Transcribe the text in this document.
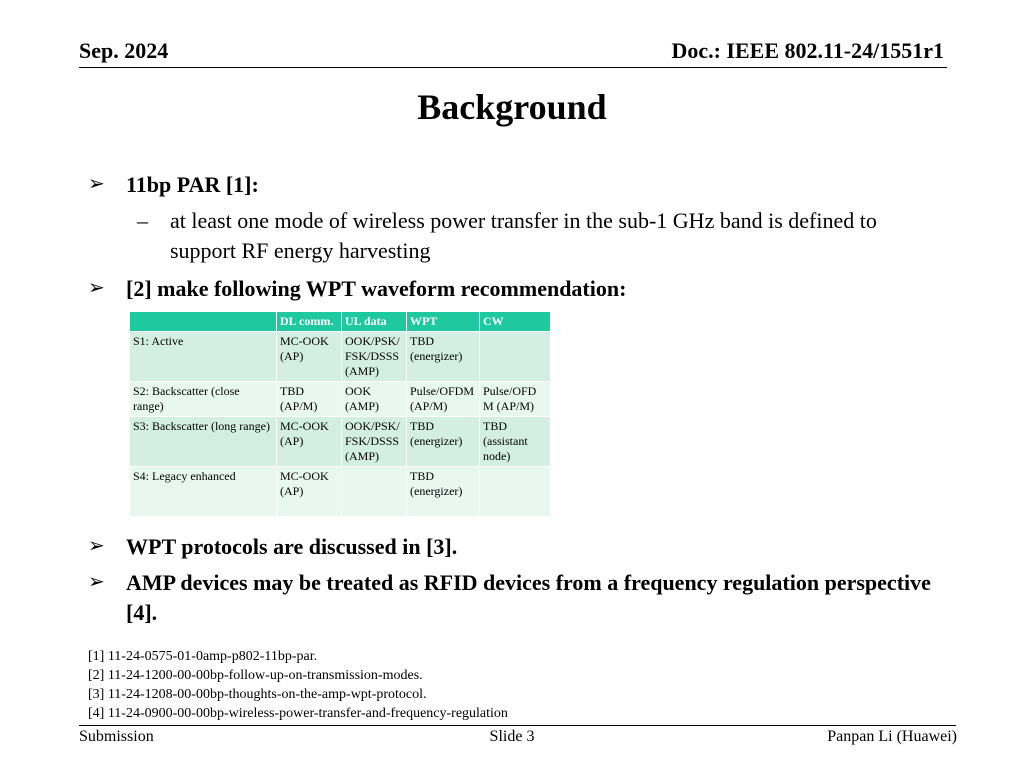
Sep. 2024	Doc.: IEEE 802.11-24/1551r1
Background
➢ 11bp PAR [1]:
–	at least one mode of wireless power transfer in the sub-1 GHz band is defined to support RF energy harvesting
➢ [2] make following WPT waveform recommendation:
	DL comm.	UL data	WPT	CW
S1: Active	MC-OOK (AP)	OOK/PSK/ FSK/DSSS (AMP)	TBD (energizer)	
S2: Backscatter (close range)	TBD (AP/M)	OOK (AMP)	Pulse/OFDM (AP/M)	Pulse/OFD M (AP/M)
S3: Backscatter (long range)	MC-OOK (AP)	OOK/PSK/ FSK/DSSS (AMP)	TBD (energizer)	TBD (assistant node)
S4: Legacy enhanced	MC-OOK (AP)		TBD (energizer)	
➢ WPT protocols are discussed in [3].
➢ AMP devices may be treated as RFID devices from a frequency regulation perspective [4].
[1] 11-24-0575-01-0amp-p802-11bp-par.
[2] 11-24-1200-00-00bp-follow-up-on-transmission-modes.
[3] 11-24-1208-00-00bp-thoughts-on-the-amp-wpt-protocol.
[4] 11-24-0900-00-00bp-wireless-power-transfer-and-frequency-regulation
Submission	Slide 3	Panpan Li (Huawei)
